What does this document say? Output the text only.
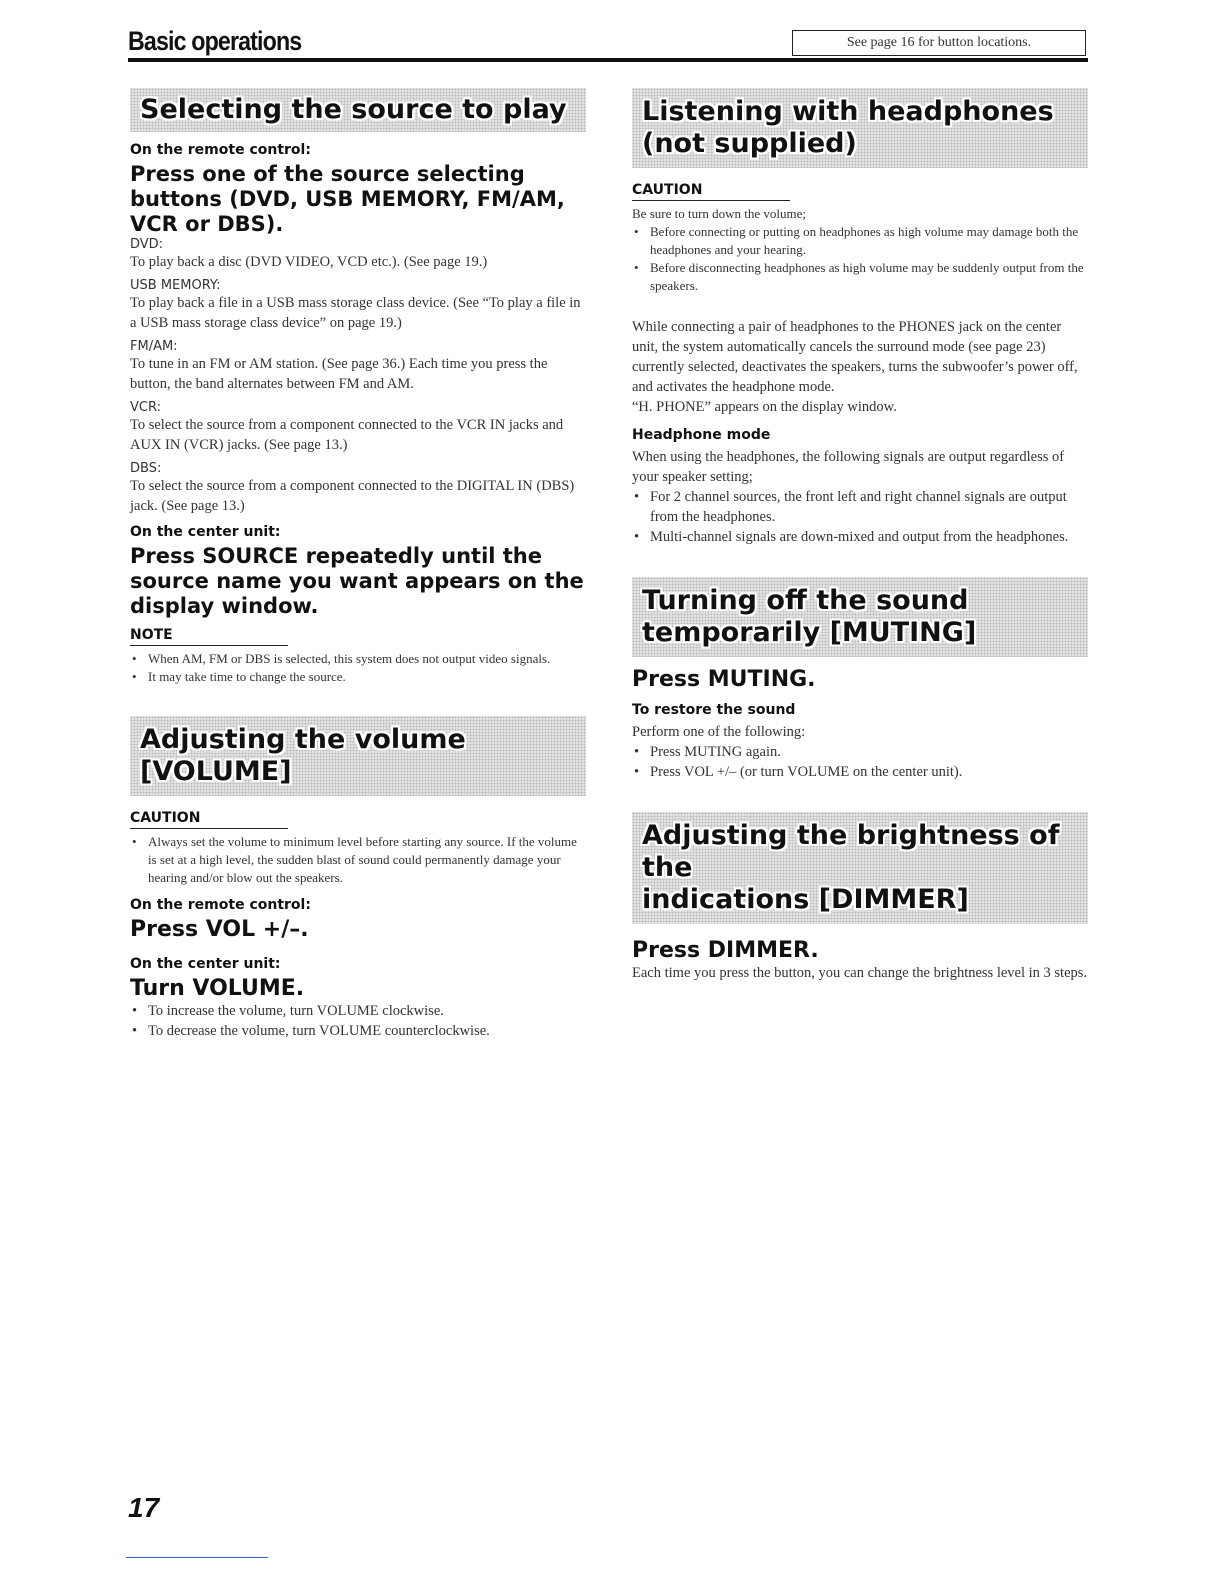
Basic operations	See page 16 for button locations.
Selecting the source to play

On the remote control:

Press one of the source selecting buttons (DVD, USB MEMORY, FM/AM, VCR or DBS).

DVD:

To play back a disc (DVD VIDEO, VCD etc.). (See page 19.)

USB MEMORY:

To play back a file in a USB mass storage class device. (See “To play a file in a USB mass storage class device” on page 19.)

FM/AM:

To tune in an FM or AM station. (See page 36.) Each time you press the button, the band alternates between FM and AM.

VCR:

To select the source from a component connected to the VCR IN jacks and AUX IN (VCR) jacks. (See page 13.)

DBS:

To select the source from a component connected to the DIGITAL IN (DBS) jack. (See page 13.)

On the center unit:

Press SOURCE repeatedly until the source name you want appears on the display window.

NOTE

• When AM, FM or DBS is selected, this system does not output video signals.
• It may take time to change the source.
Adjusting the volume
[VOLUME]

CAUTION

• Always set the volume to minimum level before starting any source. If the volume is set at a high level, the sudden blast of sound could permanently damage your hearing and/or blow out the speakers.

On the remote control:

Press VOL +/–.

On the center unit:

Turn VOLUME.

• To increase the volume, turn VOLUME clockwise.
• To decrease the volume, turn VOLUME counterclockwise.
Listening with headphones
(not supplied)

CAUTION

Be sure to turn down the volume;

• Before connecting or putting on headphones as high volume may damage both the headphones and your hearing.
• Before disconnecting headphones as high volume may be suddenly output from the speakers.

While connecting a pair of headphones to the PHONES jack on the center unit, the system automatically cancels the surround mode (see page 23) currently selected, deactivates the speakers, turns the subwoofer’s power off, and activates the headphone mode.

“H. PHONE” appears on the display window.

Headphone mode

When using the headphones, the following signals are output regardless of your speaker setting;

• For 2 channel sources, the front left and right channel signals are output from the headphones.
• Multi-channel signals are down-mixed and output from the headphones.
Turning off the sound
temporarily [MUTING]

Press MUTING.

To restore the sound

Perform one of the following:

• Press MUTING again.
• Press VOL +/– (or turn VOLUME on the center unit).
Adjusting the brightness of the
indications [DIMMER]

Press DIMMER.

Each time you press the button, you can change the brightness level in 3 steps.

17
